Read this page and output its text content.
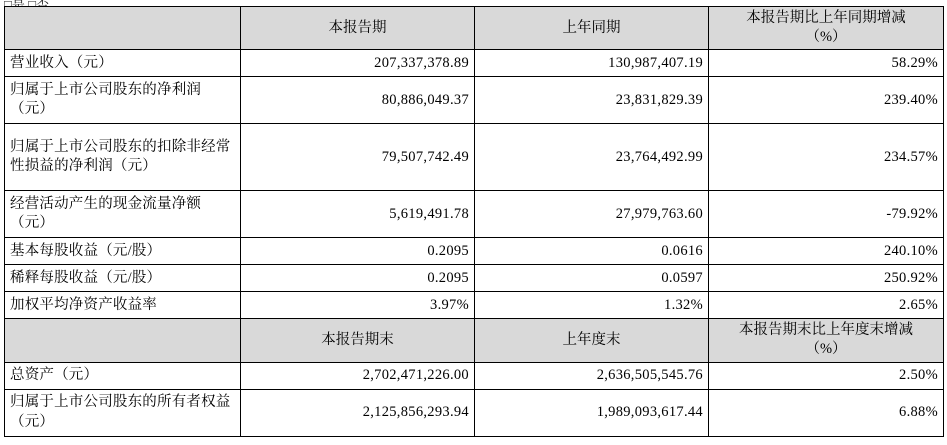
	本报告期	上年同期	本报告期比上年同期增减
（%）

营业收入（元）	207,337,378.89	130,987,407.19	58.29%
归属于上市公司股东的净利润（元）	80,886,049.37	23,831,829.39	239.40%
归属于上市公司股东的扣除非经常性损益的净利润（元）	79,507,742.49	23,764,492.99	234.57%
经营活动产生的现金流量净额（元）	5,619,491.78	27,979,763.60	-79.92%
基本每股收益（元/股）	0.2095	0.0616	240.10%
稀释每股收益（元/股）	0.2095	0.0597	250.92%
加权平均净资产收益率	3.97%	1.32%	2.65%
	本报告期末	上年度末	本报告期末比上年度末增减
（%）

总资产（元）	2,702,471,226.00	2,636,505,545.76	2.50%
归属于上市公司股东的所有者权益（元）	2,125,856,293.94	1,989,093,617.44	6.88%
